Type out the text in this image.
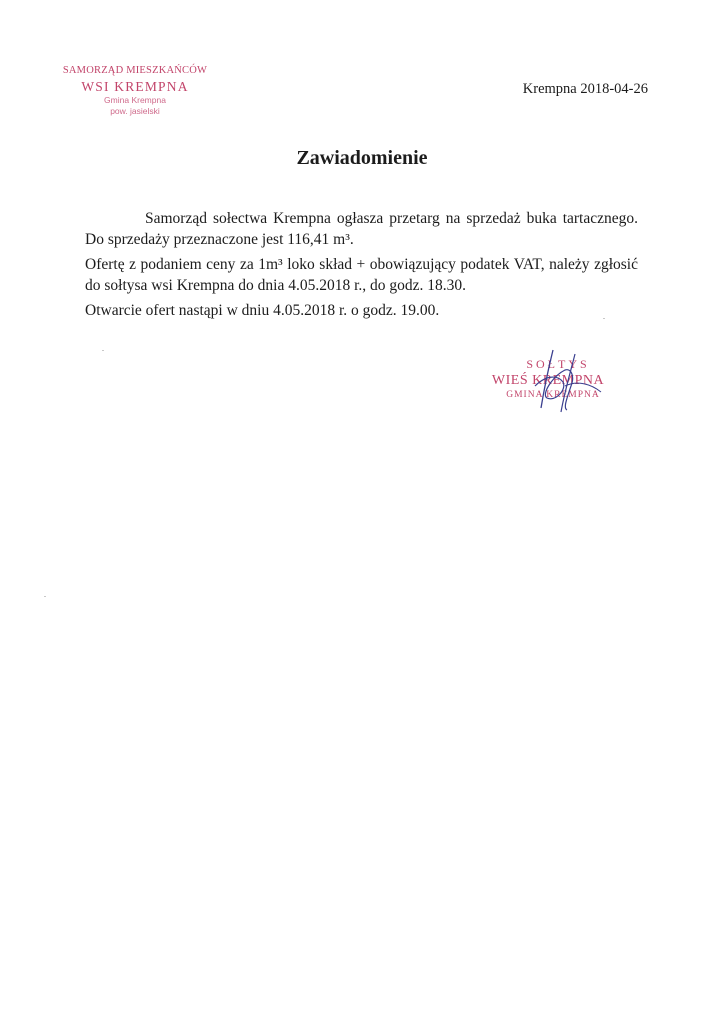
SAMORZĄD MIESZKAŃCÓW
WSI KREMPNA
Gmina Krempna
pow. jasielski
Krempna 2018-04-26
Zawiadomienie

Samorząd sołectwa Krempna ogłasza przetarg na sprzedaż buka tartacznego. Do sprzedaży przeznaczone jest 116,41 m³.

Ofertę z podaniem ceny za 1m³ loko skład + obowiązujący podatek VAT, należy zgłosić do sołtysa wsi Krempna do dnia 4.05.2018 r., do godz. 18.30.

Otwarcie ofert nastąpi w dniu 4.05.2018 r. o godz. 19.00.

SOŁTYS
WIEŚ KREMPNA
GMINA KREMPNA
